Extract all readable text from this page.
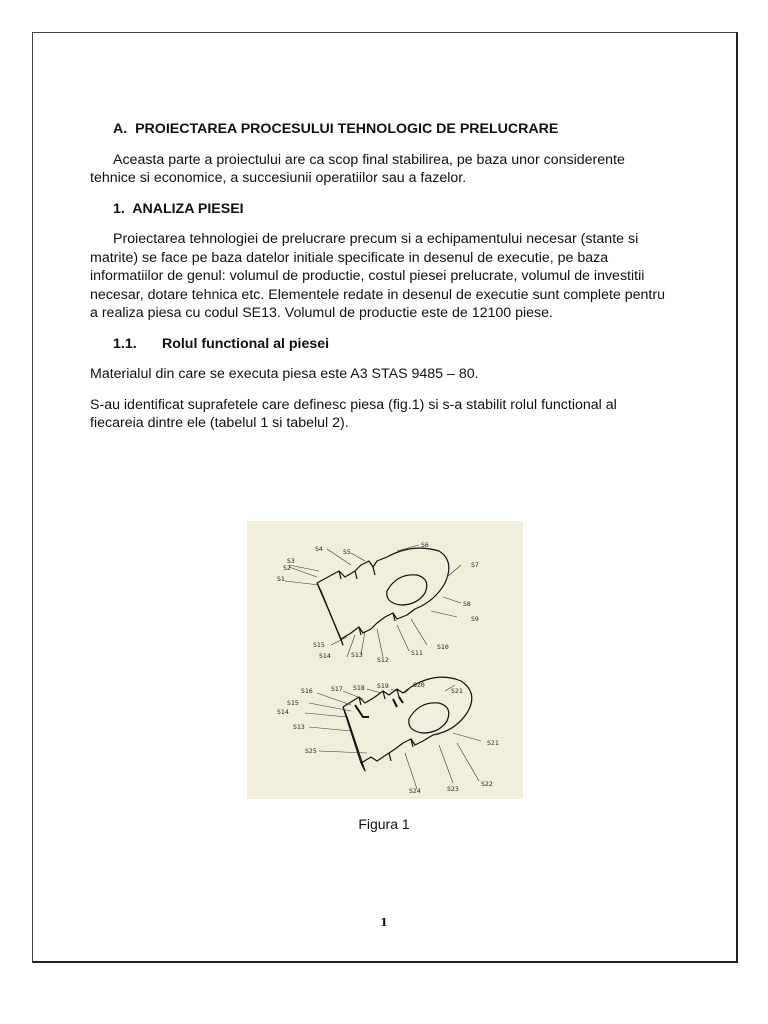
A. PROIECTAREA PROCESULUI TEHNOLOGIC DE PRELUCRARE

Aceasta parte a proiectului are ca scop final stabilirea, pe baza unor considerente tehnice si economice, a succesiunii operatiilor sau a fazelor.

1. ANALIZA PIESEI

Proiectarea tehnologiei de prelucrare precum si a echipamentului necesar (stante si matrite) se face pe baza datelor initiale specificate in desenul de executie, pe baza informatiilor de genul: volumul de productie, costul piesei prelucrate, volumul de investitii necesar, dotare tehnica etc. Elementele redate in desenul de executie sunt complete pentru a realiza piesa cu codul SE13. Volumul de productie este de 12100 piese.

1.1. Rolul functional al piesei

Materialul din care se executa piesa este A3 STAS 9485 – 80.

S-au identificat suprafetele care definesc piesa (fig.1) si s-a stabilit rolul functional al fiecareia dintre ele (tabelul 1 si tabelul 2).

S4	S5
S6
S3
S2
S1
S7
S8
S9
S10
S11
S12
S13
S14
S15
S16	S17 S18 S19	S20
S21
S15
S14
S13
S25
S24	S23
S22
S21
Figura 1
1
